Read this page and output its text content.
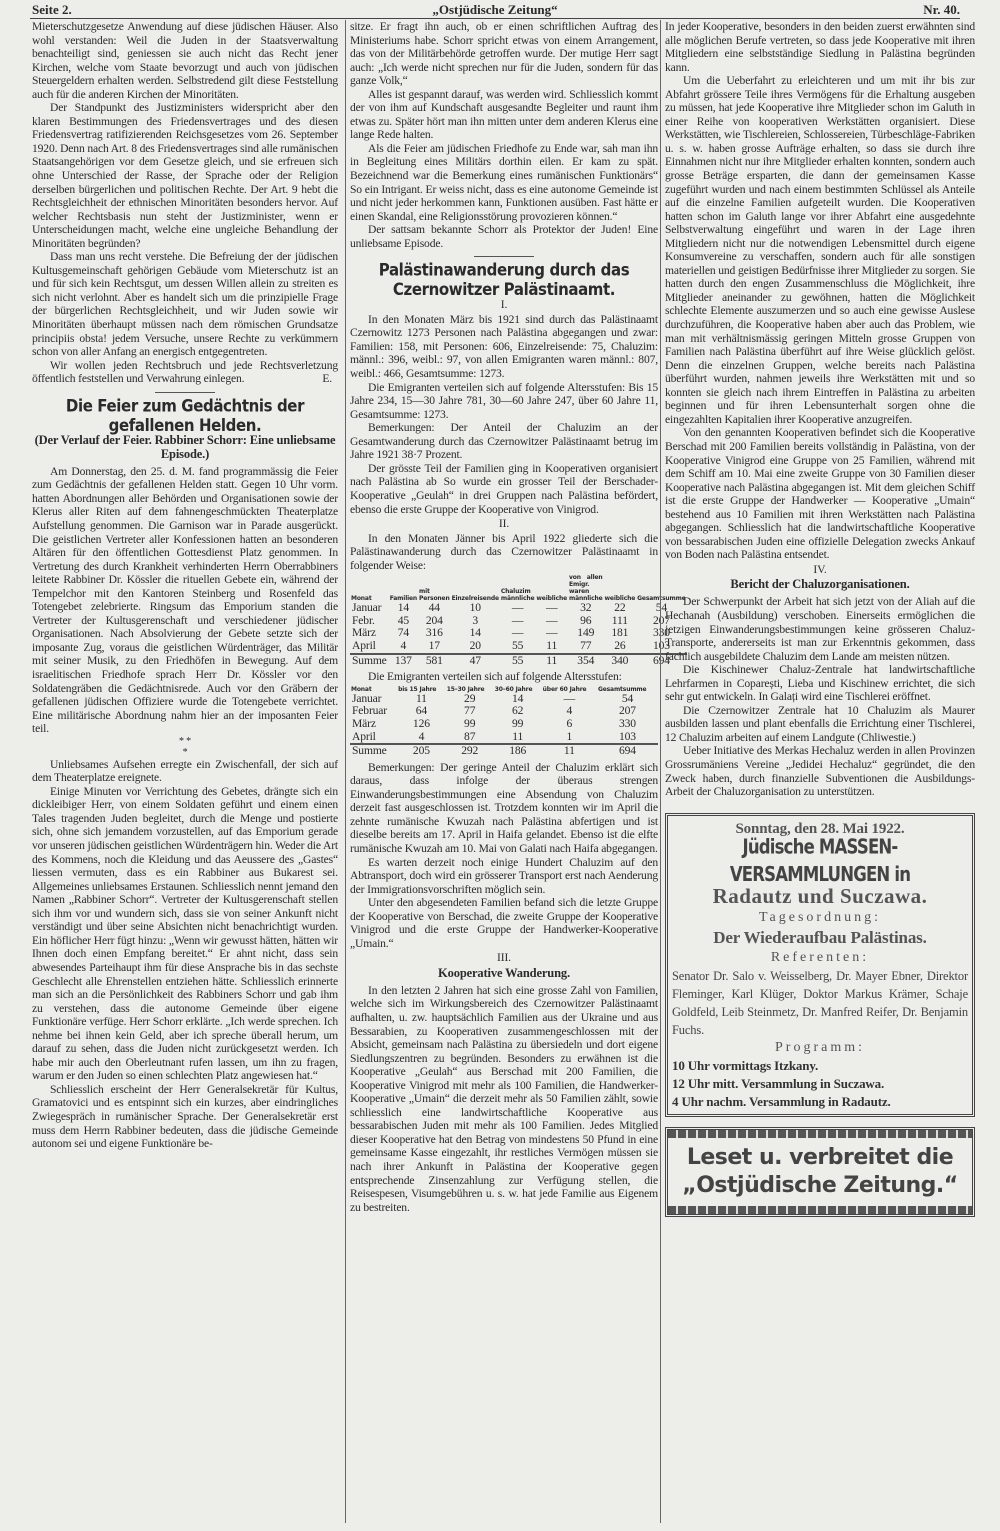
Seite 2.	„Ostjüdische Zeitung“	Nr. 40.

Mieterschutzgesetze Anwendung auf diese jüdischen Häuser. Also wohl verstanden: Weil die Juden in der Staatsverwaltung benachteiligt sind, geniessen sie auch nicht das Recht jener Kirchen, welche vom Staate bevorzugt und auch von jüdischen Steuergeldern erhalten werden. Selbstredend gilt diese Feststellung auch für die anderen Kirchen der Minoritäten.

Der Standpunkt des Justizministers widerspricht aber den klaren Bestimmungen des Friedensvertrages und des diesen Friedensvertrag ratifizierenden Reichsgesetzes vom 26. September 1920. Denn nach Art. 8 des Friedensvertrages sind alle rumänischen Staatsangehörigen vor dem Gesetze gleich, und sie erfreuen sich ohne Unterschied der Rasse, der Sprache oder der Religion derselben bürgerlichen und politischen Rechte. Der Art. 9 hebt die Rechtsgleichheit der ethnischen Minoritäten besonders hervor. Auf welcher Rechtsbasis nun steht der Justizminister, wenn er Unterscheidungen macht, welche eine ungleiche Behandlung der Minoritäten begründen?

Dass man uns recht verstehe. Die Befreiung der der jüdischen Kultusgemeinschaft gehörigen Gebäude vom Mieterschutz ist an und für sich kein Rechtsgut, um dessen Willen allein zu streiten es sich nicht verlohnt. Aber es handelt sich um die prinzipielle Frage der bürgerlichen Rechtsgleichheit, und wir Juden sowie wir Minoritäten überhaupt müssen nach dem römischen Grundsatze principiis obsta! jedem Versuche, unsere Rechte zu verkümmern schon von aller Anfang an energisch entgegentreten.

Wir wollen jeden Rechtsbruch und jede Rechtsverletzung öffentlich feststellen und Verwahrung einlegen.	E.
Die Feier zum Gedächtnis der gefallenen Helden.
(Der Verlauf der Feier. Rabbiner Schorr: Eine unliebsame Episode.)

Am Donnerstag, den 25. d. M. fand programmässig die Feier zum Gedächtnis der gefallenen Helden statt. Gegen 10 Uhr vorm. hatten Abordnungen aller Behörden und Organisationen sowie der Klerus aller Riten auf dem fahnengeschmückten Theaterplatze Aufstellung genommen. Die Garnison war in Parade ausgerückt. Die geistlichen Vertreter aller Konfessionen hatten an besonderen Altären für den öffentlichen Gottesdienst Platz genommen. In Vertretung des durch Krankheit verhinderten Herrn Oberrabbiners leitete Rabbiner Dr. Kössler die rituellen Gebete ein, während der Tempelchor mit den Kantoren Steinberg und Rosenfeld das Totengebet zelebrierte. Ringsum das Emporium standen die Vertreter der Kultusgerenschaft und verschiedener jüdischer Organisationen. Nach Absolvierung der Gebete setzte sich der imposante Zug, voraus die geistlichen Würdenträger, das Militär mit seiner Musik, zu den Friedhöfen in Bewegung. Auf dem israelitischen Friedhofe sprach Herr Dr. Kössler vor den Soldatengräben die Gedächtnisrede. Auch vor den Gräbern der gefallenen jüdischen Offiziere wurde die Totengebete verrichtet. Eine militärische Abordnung nahm hier an der imposanten Feier teil.

* *
*

Unliebsames Aufsehen erregte ein Zwischenfall, der sich auf dem Theaterplatze ereignete.

Einige Minuten vor Verrichtung des Gebetes, drängte sich ein dickleibiger Herr, von einem Soldaten geführt und einem einen Tales tragenden Juden begleitet, durch die Menge und postierte sich, ohne sich jemandem vorzustellen, auf das Emporium gerade vor unseren jüdischen geistlichen Würdenträgern hin. Weder die Art des Kommens, noch die Kleidung und das Aeussere des „Gastes“ liessen vermuten, dass es ein Rabbiner aus Bukarest sei. Allgemeines unliebsames Erstaunen. Schliesslich nennt jemand den Namen „Rabbiner Schorr“. Vertreter der Kultusgerenschaft stellen sich ihm vor und wundern sich, dass sie von seiner Ankunft nicht verständigt und über seine Absichten nicht benachrichtigt wurden. Ein höflicher Herr fügt hinzu: „Wenn wir gewusst hätten, hätten wir Ihnen doch einen Empfang bereitet.“ Er ahnt nicht, dass sein abwesendes Parteihaupt ihm für diese Ansprache bis in das sechste Geschlecht alle Ehrenstellen entziehen hätte. Schliesslich erinnerte man sich an die Persönlichkeit des Rabbiners Schorr und gab ihm zu verstehen, dass die autonome Gemeinde über eigene Funktionäre verfüge. Herr Schorr erklärte. „Ich werde sprechen. Ich nehme bei ihnen kein Geld, aber ich spreche überall herum, um darauf zu sehen, dass die Juden nicht zurückgesetzt werden. Ich habe mir auch den Oberleutnant rufen lassen, um ihn zu fragen, warum er den Juden so einen schlechten Platz angewiesen hat.“

Schliesslich erscheint der Herr Generalsekretär für Kultus, Gramatovici und es entspinnt sich ein kurzes, aber eindringliches Zwiegespräch in rumänischer Sprache. Der Generalsekretär erst muss dem Herrn Rabbiner bedeuten, dass die jüdische Gemeinde autonom sei und eigene Funktionäre be-

sitze. Er fragt ihn auch, ob er einen schriftlichen Auftrag des Ministeriums habe. Schorr spricht etwas von einem Arrangement, das von der Militärbehörde getroffen wurde. Der mutige Herr sagt auch: „Ich werde nicht sprechen nur für die Juden, sondern für das ganze Volk,“

Alles ist gespannt darauf, was werden wird. Schliesslich kommt der von ihm auf Kundschaft ausgesandte Begleiter und raunt ihm etwas zu. Später hört man ihn mitten unter dem anderen Klerus eine lange Rede halten.

Als die Feier am jüdischen Friedhofe zu Ende war, sah man ihn in Begleitung eines Militärs dorthin eilen. Er kam zu spät. Bezeichnend war die Bemerkung eines rumänischen Funktionärs“ So ein Intrigant. Er weiss nicht, dass es eine autonome Gemeinde ist und nicht jeder herkommen kann, Funktionen ausüben. Fast hätte er einen Skandal, eine Religionsstörung provozieren können.“

Der sattsam bekannte Schorr als Protektor der Juden! Eine unliebsame Episode.

Palästinawanderung durch das Czernowitzer Palästinaamt.
I.

In den Monaten März bis 1921 sind durch das Palästinaamt Czernowitz 1273 Personen nach Palästina abgegangen und zwar: Familien: 158, mit Personen: 606, Einzelreisende: 75, Chaluzim: männl.: 396, weibl.: 97, von allen Emigranten waren männl.: 807, weibl.: 466, Gesamtsumme: 1273.

Die Emigranten verteilen sich auf folgende Altersstufen: Bis 15 Jahre 234, 15—30 Jahre 781, 30—60 Jahre 247, über 60 Jahre 11, Gesamtsumme: 1273.

Bemerkungen: Der Anteil der Chaluzim an der Gesamtwanderung durch das Czernowitzer Palästinaamt betrug im Jahre 1921 38·7 Prozent.

Der grösste Teil der Familien ging in Kooperativen organisiert nach Palästina ab So wurde ein grosser Teil der Berschader-Kooperative „Geulah“ in drei Gruppen nach Palästina befördert, ebenso die erste Gruppe der Kooperative von Vinigrod.

II.

In den Monaten Jänner bis April 1922 gliederte sich die Palästinawanderung durch das Czernowitzer Palästinaamt in folgender Weise:

Monat	Familien	mit Personen	Einzelreisende	Chaluzim männliche	weibliche	von allen Emigr. waren männliche	weibliche	Gesamtsumme
Januar	14	44	10	—	—	32	22	54
Febr.	45	204	3	—	—	96	111	207
März	74	316	14	—	—	149	181	330
April	4	17	20	55	11	77	26	103
Summe	137	581	47	55	11	354	340	694

Die Emigranten verteilen sich auf folgende Altersstufen:

Monat	bis 15 Jahre	15–30 Jahre	30–60 Jahre	über 60 Jahre	Gesamtsumme
Januar	11	29	14	—	54
Februar	64	77	62	4	207
März	126	99	99	6	330
April	4	87	11	1	103
Summe	205	292	186	11	694

Bemerkungen: Der geringe Anteil der Chaluzim erklärt sich daraus, dass infolge der überaus strengen Einwanderungsbestimmungen eine Absendung von Chaluzim derzeit fast ausgeschlossen ist. Trotzdem konnten wir im April die zehnte rumänische Kwuzah nach Palästina abfertigen und ist dieselbe bereits am 17. April in Haifa gelandet. Ebenso ist die elfte rumänische Kwuzah am 10. Mai von Galati nach Haifa abgegangen.

Es warten derzeit noch einige Hundert Chaluzim auf den Abtransport, doch wird ein grösserer Transport erst nach Aenderung der Immigrationsvorschriften möglich sein.

Unter den abgesendeten Familien befand sich die letzte Gruppe der Kooperative von Berschad, die zweite Gruppe der Kooperative Vinigrod und die erste Gruppe der Handwerker-Kooperative „Umain.“

III.
Kooperative Wanderung.

In den letzten 2 Jahren hat sich eine grosse Zahl von Familien, welche sich im Wirkungsbereich des Czernowitzer Palästinaamt aufhalten, u. zw. hauptsächlich Familien aus der Ukraine und aus Bessarabien, zu Kooperativen zusammengeschlossen mit der Absicht, gemeinsam nach Palästina zu übersiedeln und dort eigene Siedlungszentren zu begründen. Besonders zu erwähnen ist die Kooperative „Geulah“ aus Berschad mit 200 Familien, die Kooperative Vinigrod mit mehr als 100 Familien, die Handwerker-Kooperative „Umain“ die derzeit mehr als 50 Familien zählt, sowie schliesslich eine landwirtschaftliche Kooperative aus bessarabischen Juden mit mehr als 100 Familien. Jedes Mitglied dieser Kooperative hat den Betrag von mindestens 50 Pfund in eine gemeinsame Kasse eingezahlt, ihr restliches Vermögen müssen sie nach ihrer Ankunft in Palästina der Kooperative gegen entsprechende Zinsenzahlung zur Verfügung stellen, die Reisespesen, Visumgebühren u. s. w. hat jede Familie aus Eigenem zu bestreiten.

In jeder Kooperative, besonders in den beiden zuerst erwähnten sind alle möglichen Berufe vertreten, so dass jede Kooperative mit ihren Mitgliedern eine selbstständige Siedlung in Palästina begründen kann.

Um die Ueberfahrt zu erleichteren und um mit ihr bis zur Abfahrt grössere Teile ihres Vermögens für die Erhaltung ausgeben zu müssen, hat jede Kooperative ihre Mitglieder schon im Galuth in einer Reihe von kooperativen Werkstätten organisiert. Diese Werkstätten, wie Tischlereien, Schlossereien, Türbeschläge-Fabriken u. s. w. haben grosse Aufträge erhalten, so dass sie durch ihre Einnahmen nicht nur ihre Mitglieder erhalten konnten, sondern auch grosse Beträge ersparten, die dann der gemeinsamen Kasse zugeführt wurden und nach einem bestimmten Schlüssel als Anteile auf die einzelne Familien aufgeteilt wurden. Die Kooperativen hatten schon im Galuth lange vor ihrer Abfahrt eine ausgedehnte Selbstverwaltung eingeführt und waren in der Lage ihren Mitgliedern nicht nur die notwendigen Lebensmittel durch eigene Konsumvereine zu verschaffen, sondern auch für alle sonstigen materiellen und geistigen Bedürfnisse ihrer Mitglieder zu sorgen. Sie hatten durch den engen Zusammenschluss die Möglichkeit, ihre Mitglieder aneinander zu gewöhnen, hatten die Möglichkeit schlechte Elemente auszumerzen und so auch eine gewisse Auslese durchzuführen, die Kooperative haben aber auch das Problem, wie man mit verhältnismässig geringen Mitteln grosse Gruppen von Familien nach Palästina überführt auf ihre Weise glücklich gelöst. Denn die einzelnen Gruppen, welche bereits nach Palästina überführt wurden, nahmen jeweils ihre Werkstätten mit und so konnten sie gleich nach ihrem Eintreffen in Palästina zu arbeiten beginnen und für ihren Lebensunterhalt sorgen ohne die eingezahlten Kapitalien ihrer Kooperative anzugreifen.

Von den genannten Kooperativen befindet sich die Kooperative Berschad mit 200 Familien bereits vollständig in Palästina, von der Kooperative Vinigrod eine Gruppe von 25 Familien, während mit dem Schiff am 10. Mai eine zweite Gruppe von 30 Familien dieser Kooperative nach Palästina abgegangen ist. Mit dem gleichen Schiff ist die erste Gruppe der Handwerker — Kooperative „Umain“ bestehend aus 10 Familien mit ihren Werkstätten nach Palästina abgegangen. Schliesslich hat die landwirtschaftliche Kooperative von bessarabischen Juden eine offizielle Delegation zwecks Ankauf von Boden nach Palästina entsendet.

IV.
Bericht der Chaluzorganisationen.

Der Schwerpunkt der Arbeit hat sich jetzt von der Aliah auf die Hechanah (Ausbildung) verschoben. Einerseits ermöglichen die jetzigen Einwanderungsbestimmungen keine grösseren Chaluz-Transporte, andererseits ist man zur Erkenntnis gekommen, dass fachlich ausgebildete Chaluzim dem Lande am meisten nützen.

Die Kischinewer Chaluz-Zentrale hat landwirtschaftliche Lehrfarmen in Coparești, Lieba und Kischinew errichtet, die sich sehr gut entwickeln. In Galați wird eine Tischlerei eröffnet.

Die Czernowitzer Zentrale hat 10 Chaluzim als Maurer ausbilden lassen und plant ebenfalls die Errichtung einer Tischlerei, 12 Chaluzim arbeiten auf einem Landgute (Chliwestie.)

Ueber Initiative des Merkas Hechaluz werden in allen Provinzen Grossrumäniens Vereine „Jedidei Hechaluz“ gegründet, die den Zweck haben, durch finanzielle Subventionen die Ausbildungs-Arbeit der Chaluzorganisation zu unterstützen.

Sonntag, den 28. Mai 1922.
Jüdische MASSEN-VERSAMMLUNGEN in
Radautz und Suczawa.
Tagesordnung:
Der Wiederaufbau Palästinas.
Referenten:
Senator Dr. Salo v. Weisselberg, Dr. Mayer Ebner, Direktor Fleminger, Karl Klüger, Doktor Markus Krämer, Schaje Goldfeld, Leib Steinmetz, Dr. Manfred Reifer, Dr. Benjamin Fuchs.
Programm:
10 Uhr vormittags Itzkany.
12 Uhr mitt. Versammlung in Suczawa.
4 Uhr nachm. Versammlung in Radautz.
Leset u. verbreitet die
„Ostjüdische Zeitung.“
